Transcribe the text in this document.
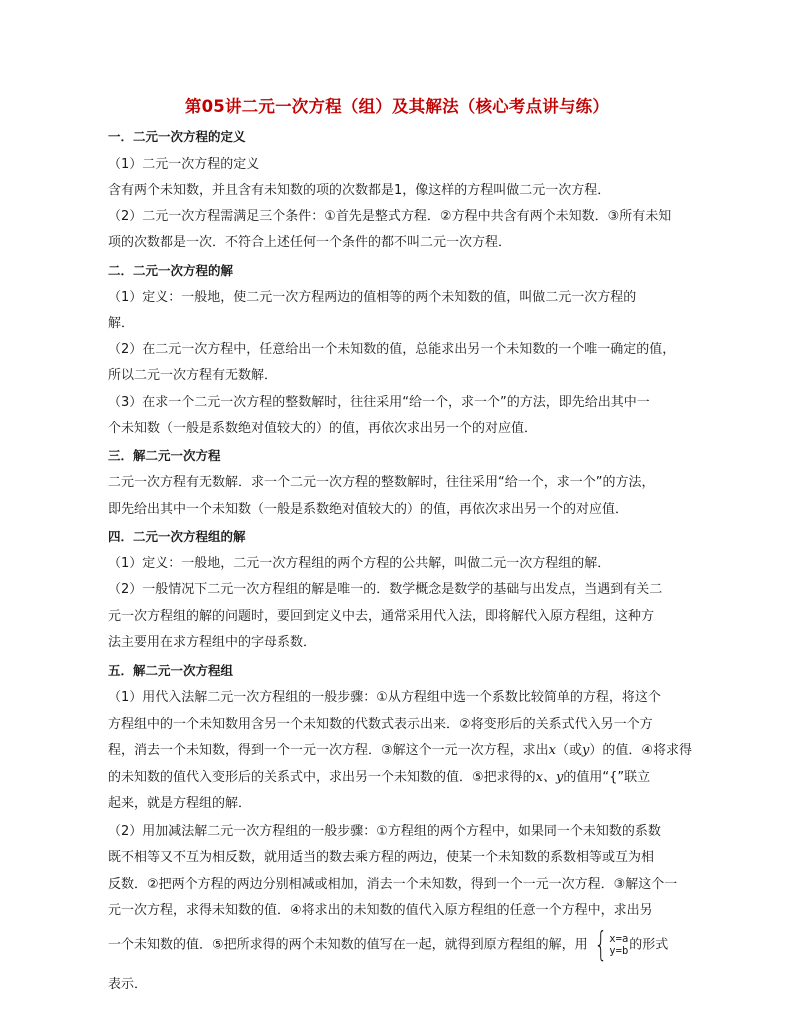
第05讲二元一次方程（组）及其解法（核心考点讲与练）
一．二元一次方程的定义
（1）二元一次方程的定义
含有两个未知数，并且含有未知数的项的次数都是1，像这样的方程叫做二元一次方程．
（2）二元一次方程需满足三个条件：①首先是整式方程．②方程中共含有两个未知数．③所有未知
项的次数都是一次．不符合上述任何一个条件的都不叫二元一次方程．
二．二元一次方程的解
（1）定义：一般地，使二元一次方程两边的值相等的两个未知数的值，叫做二元一次方程的
解．
（2）在二元一次方程中，任意给出一个未知数的值，总能求出另一个未知数的一个唯一确定的值，
所以二元一次方程有无数解．
（3）在求一个二元一次方程的整数解时，往往采用“给一个，求一个”的方法，即先给出其中一
个未知数（一般是系数绝对值较大的）的值，再依次求出另一个的对应值．
三．解二元一次方程
二元一次方程有无数解．求一个二元一次方程的整数解时，往往采用“给一个，求一个”的方法，
即先给出其中一个未知数（一般是系数绝对值较大的）的值，再依次求出另一个的对应值．
四．二元一次方程组的解
（1）定义：一般地，二元一次方程组的两个方程的公共解，叫做二元一次方程组的解．
（2）一般情况下二元一次方程组的解是唯一的．数学概念是数学的基础与出发点，当遇到有关二
元一次方程组的解的问题时，要回到定义中去，通常采用代入法，即将解代入原方程组，这种方
法主要用在求方程组中的字母系数．
五．解二元一次方程组
（1）用代入法解二元一次方程组的一般步骤：①从方程组中选一个系数比较简单的方程，将这个
方程组中的一个未知数用含另一个未知数的代数式表示出来．②将变形后的关系式代入另一个方
程，消去一个未知数，得到一个一元一次方程．③解这个一元一次方程，求出x（或y）的值．④将求得
的未知数的值代入变形后的关系式中，求出另一个未知数的值．⑤把求得的x、y的值用“{”联立
起来，就是方程组的解．
（2）用加减法解二元一次方程组的一般步骤：①方程组的两个方程中，如果同一个未知数的系数
既不相等又不互为相反数，就用适当的数去乘方程的两边，使某一个未知数的系数相等或互为相
反数．②把两个方程的两边分别相减或相加，消去一个未知数，得到一个一元一次方程．③解这个一
元一次方程，求得未知数的值．④将求出的未知数的值代入原方程组的任意一个方程中，求出另
一个未知数的值．⑤把所求得的两个未知数的值写在一起，就得到原方程组的解，用 { x=a
y=b 的形式
表示．
